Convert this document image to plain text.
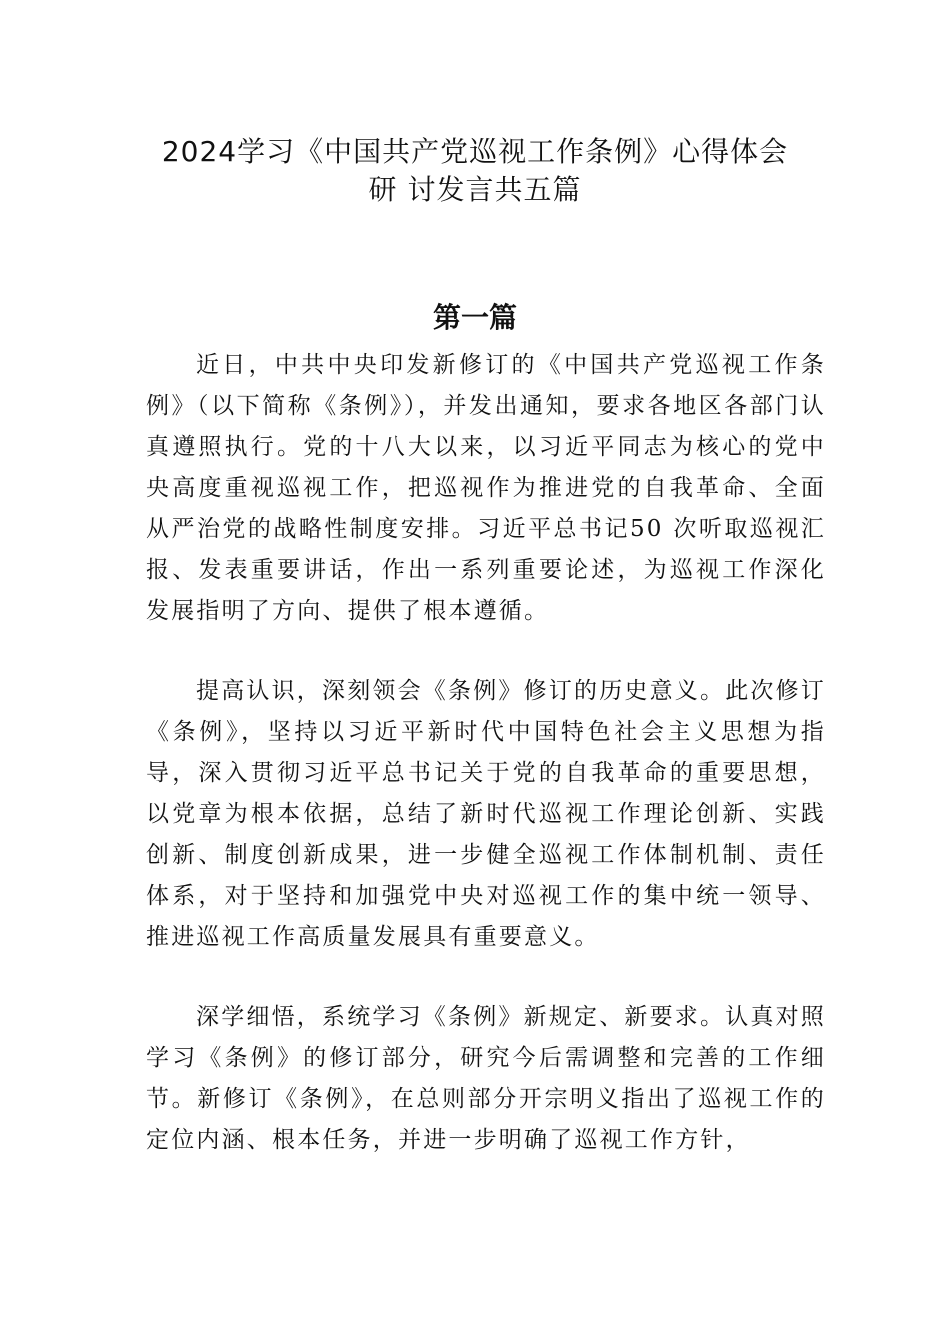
2024学习《中国共产党巡视工作条例》心得体会
研 讨发言共五篇
第一篇

近日，中共中央印发新修订的《中国共产党巡视工作条例》（以下简称《条例》），并发出通知，要求各地区各部门认真遵照执行。党的十八大以来，以习近平同志为核心的党中央高度重视巡视工作，把巡视作为推进党的自我革命、全面从严治党的战略性制度安排。习近平总书记50 次听取巡视汇报、发表重要讲话，作出一系列重要论述，为巡视工作深化发展指明了方向、提供了根本遵循。

提高认识，深刻领会《条例》修订的历史意义。此次修订《条例》，坚持以习近平新时代中国特色社会主义思想为指导，深入贯彻习近平总书记关于党的自我革命的重要思想，以党章为根本依据，总结了新时代巡视工作理论创新、实践创新、制度创新成果，进一步健全巡视工作体制机制、责任体系，对于坚持和加强党中央对巡视工作的集中统一领导、推进巡视工作高质量发展具有重要意义。

深学细悟，系统学习《条例》新规定、新要求。认真对照学习《条例》的修订部分，研究今后需调整和完善的工作细节。新修订《条例》，在总则部分开宗明义指出了巡视工作的定位内涵、根本任务，并进一步明确了巡视工作方针，
